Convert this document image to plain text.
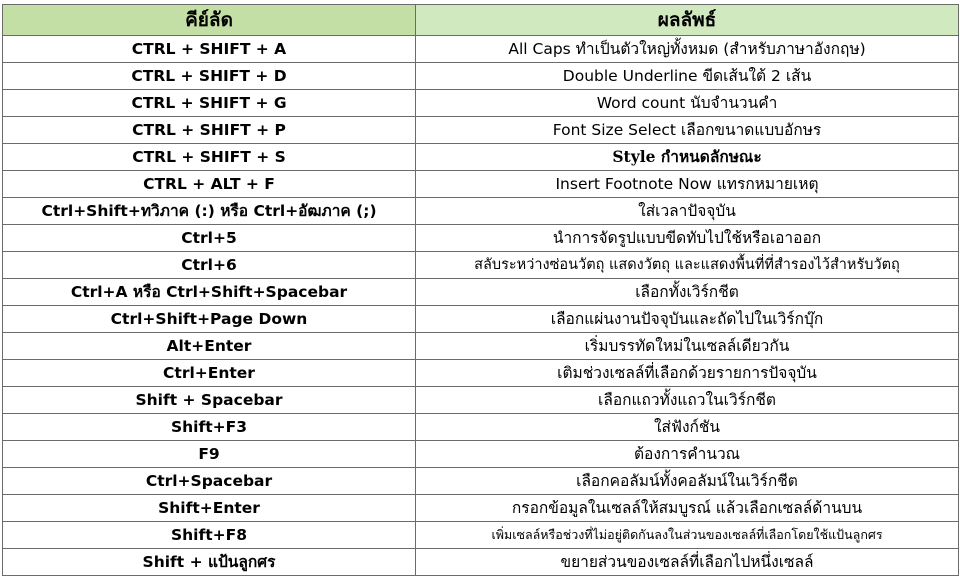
คีย์ลัด	ผลลัพธ์
CTRL + SHIFT + A	All Caps ทำเป็นตัวใหญ่ทั้งหมด (สำหรับภาษาอังกฤษ)
CTRL + SHIFT + D	Double Underline ขีดเส้นใต้ 2 เส้น
CTRL + SHIFT + G	Word count นับจำนวนคำ
CTRL + SHIFT + P	Font Size Select เลือกขนาดแบบอักษร
CTRL + SHIFT + S	Style กำหนดลักษณะ
CTRL + ALT + F	Insert Footnote Now แทรกหมายเหตุ
Ctrl+Shift+ทวิภาค (:) หรือ Ctrl+อัฒภาค (;)	ใส่เวลาปัจจุบัน
Ctrl+5	นำการจัดรูปแบบขีดทับไปใช้หรือเอาออก
Ctrl+6	สลับระหว่างซ่อนวัตถุ แสดงวัตถุ และแสดงพื้นที่ที่สำรองไว้สำหรับวัตถุ
Ctrl+A หรือ Ctrl+Shift+Spacebar	เลือกทั้งเวิร์กชีต
Ctrl+Shift+Page Down	เลือกแผ่นงานปัจจุบันและถัดไปในเวิร์กบุ๊ก
Alt+Enter	เริ่มบรรทัดใหม่ในเซลล์เดียวกัน
Ctrl+Enter	เติมช่วงเซลล์ที่เลือกด้วยรายการปัจจุบัน
Shift + Spacebar	เลือกแถวทั้งแถวในเวิร์กชีต
Shift+F3	ใส่ฟังก์ชัน
F9	ต้องการคำนวณ
Ctrl+Spacebar	เลือกคอลัมน์ทั้งคอลัมน์ในเวิร์กชีต
Shift+Enter	กรอกข้อมูลในเซลล์ให้สมบูรณ์ แล้วเลือกเซลล์ด้านบน
Shift+F8	เพิ่มเซลล์หรือช่วงที่ไม่อยู่ติดกันลงในส่วนของเซลล์ที่เลือกโดยใช้แป้นลูกศร
Shift + แป้นลูกศร	ขยายส่วนของเซลล์ที่เลือกไปหนึ่งเซลล์
